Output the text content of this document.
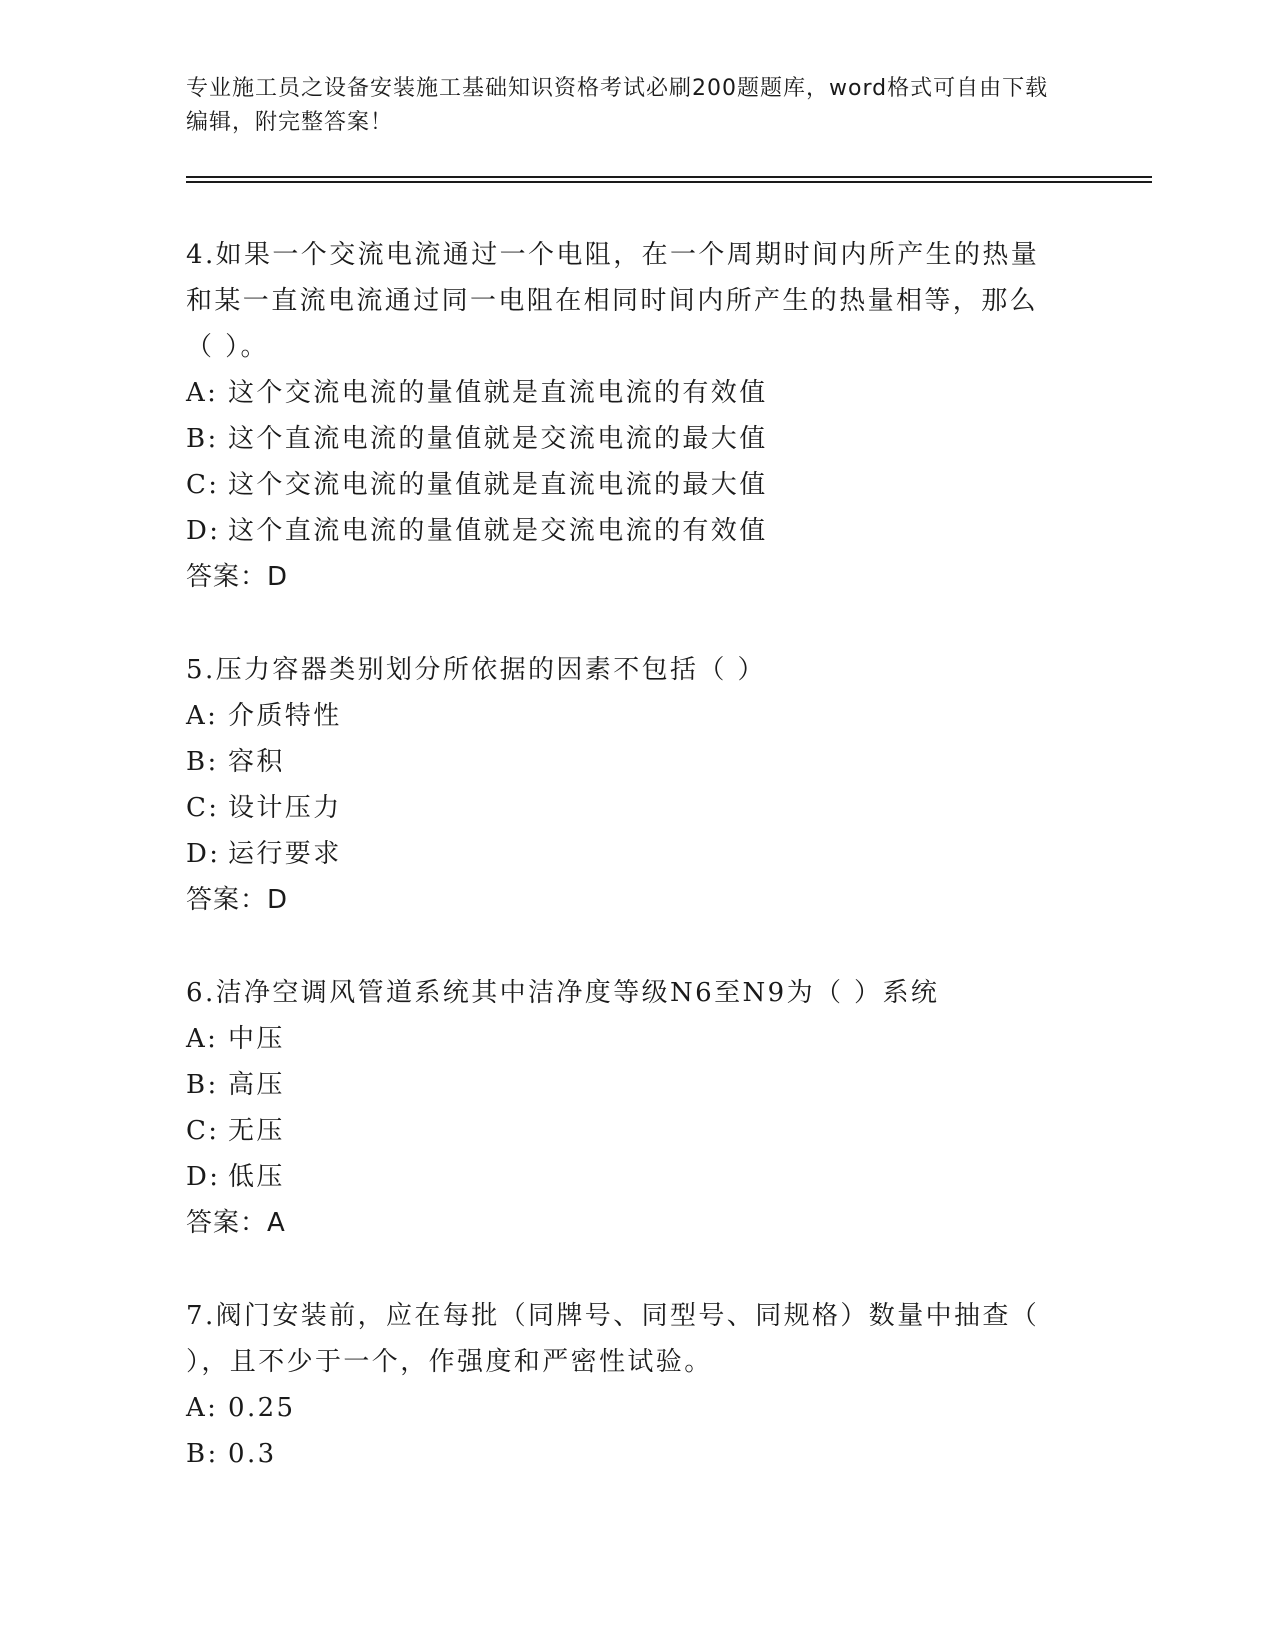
专业施工员之设备安装施工基础知识资格考试必刷200题题库，word格式可自由下载编辑，附完整答案！
4.如果一个交流电流通过一个电阻，在一个周期时间内所产生的热量和某一直流电流通过同一电阻在相同时间内所产生的热量相等，那么（ ）。
A: 这个交流电流的量值就是直流电流的有效值
B: 这个直流电流的量值就是交流电流的最大值
C: 这个交流电流的量值就是直流电流的最大值
D: 这个直流电流的量值就是交流电流的有效值
答案：D
5.压力容器类别划分所依据的因素不包括（ ）
A: 介质特性
B: 容积
C: 设计压力
D: 运行要求
答案：D
6.洁净空调风管道系统其中洁净度等级N6至N9为（ ）系统
A: 中压
B: 高压
C: 无压
D: 低压
答案：A
7.阀门安装前，应在每批（同牌号、同型号、同规格）数量中抽查（ ），且不少于一个，作强度和严密性试验。
A: 0.25
B: 0.3
